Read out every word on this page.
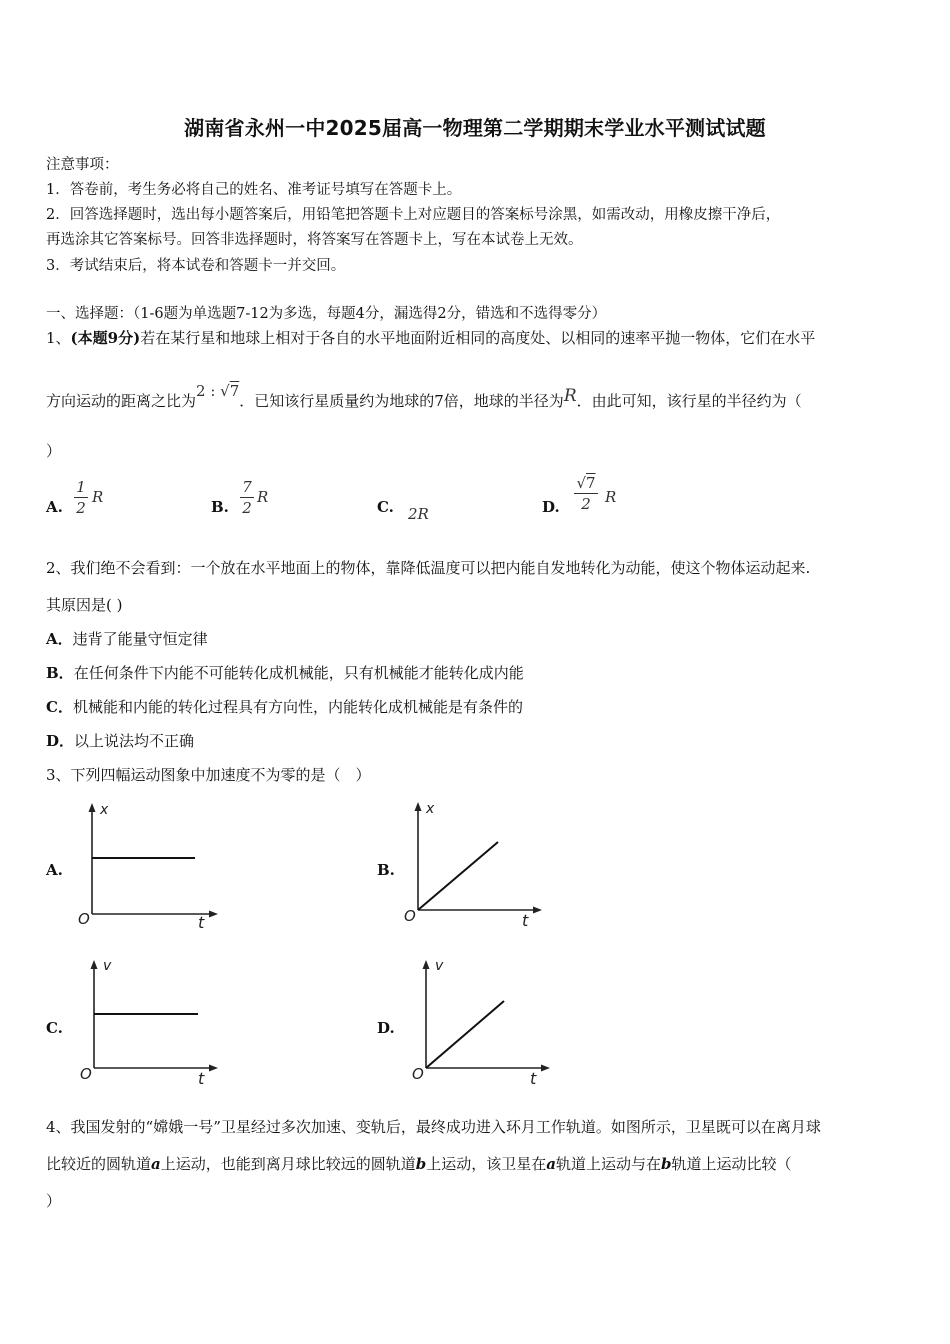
湖南省永州一中2025届高一物理第二学期期末学业水平测试试题
注意事项：
1．答卷前，考生务必将自己的姓名、准考证号填写在答题卡上。
2．回答选择题时，选出每小题答案后，用铅笔把答题卡上对应题目的答案标号涂黑，如需改动，用橡皮擦干净后，
再选涂其它答案标号。回答非选择题时，将答案写在答题卡上，写在本试卷上无效。
3．考试结束后，将本试卷和答题卡一并交回。
一、选择题：（1-6题为单选题7-12为多选，每题4分，漏选得2分，错选和不选得零分）
1、(本题9分)若在某行星和地球上相对于各自的水平地面附近相同的高度处、以相同的速率平抛一物体，它们在水平
方向运动的距离之比为2 : √7．已知该行星质量约为地球的7倍，地球的半径为R．由此可知，该行星的半径约为（
）
A.
1
2
R
B.
7
2
R
C. 2R	D.
√7
2 R
2、我们绝不会看到：一个放在水平地面上的物体，靠降低温度可以把内能自发地转化为动能，使这个物体运动起来.
其原因是( )
A．违背了能量守恒定律
B．在任何条件下内能不可能转化成机械能，只有机械能才能转化成内能
C．机械能和内能的转化过程具有方向性，内能转化成机械能是有条件的
D．以上说法均不正确
3、下列四幅运动图象中加速度不为零的是（　）
A.
x
t
O
B.
x
t
O
C.
v
t
O
D.
v
t
O
4、我国发射的“嫦娥一号”卫星经过多次加速、变轨后，最终成功进入环月工作轨道。如图所示，卫星既可以在离月球
比较近的圆轨道a上运动，也能到离月球比较远的圆轨道b上运动，该卫星在a轨道上运动与在b轨道上运动比较（
）
